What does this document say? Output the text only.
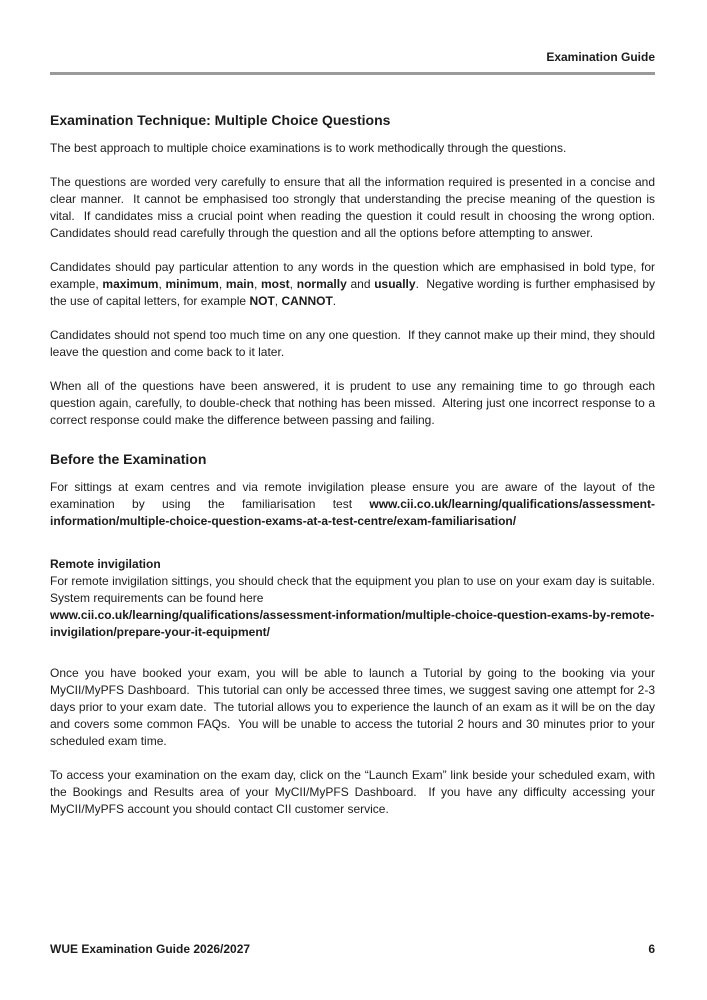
Examination Guide
Examination Technique: Multiple Choice Questions

The best approach to multiple choice examinations is to work methodically through the questions.

The questions are worded very carefully to ensure that all the information required is presented in a concise and clear manner.  It cannot be emphasised too strongly that understanding the precise meaning of the question is vital.  If candidates miss a crucial point when reading the question it could result in choosing the wrong option.  Candidates should read carefully through the question and all the options before attempting to answer.

Candidates should pay particular attention to any words in the question which are emphasised in bold type, for example, maximum, minimum, main, most, normally and usually.  Negative wording is further emphasised by the use of capital letters, for example NOT, CANNOT.

Candidates should not spend too much time on any one question.  If they cannot make up their mind, they should leave the question and come back to it later.

When all of the questions have been answered, it is prudent to use any remaining time to go through each question again, carefully, to double-check that nothing has been missed.  Altering just one incorrect response to a correct response could make the difference between passing and failing.

Before the Examination

For sittings at exam centres and via remote invigilation please ensure you are aware of the layout of the examination by using the familiarisation test www.cii.co.uk/learning/qualifications/assessment-information/multiple-choice-question-exams-at-a-test-centre/exam-familiarisation/

Remote invigilation

For remote invigilation sittings, you should check that the equipment you plan to use on your exam day is suitable.  System requirements can be found here
www.cii.co.uk/learning/qualifications/assessment-information/multiple-choice-question-exams-by-remote-invigilation/prepare-your-it-equipment/

Once you have booked your exam, you will be able to launch a Tutorial by going to the booking via your MyCII/MyPFS Dashboard.  This tutorial can only be accessed three times, we suggest saving one attempt for 2-3 days prior to your exam date.  The tutorial allows you to experience the launch of an exam as it will be on the day and covers some common FAQs.  You will be unable to access the tutorial 2 hours and 30 minutes prior to your scheduled exam time.

To access your examination on the exam day, click on the “Launch Exam” link beside your scheduled exam, with the Bookings and Results area of your MyCII/MyPFS Dashboard.  If you have any difficulty accessing your MyCII/MyPFS account you should contact CII customer service.

WUE Examination Guide 2026/2027	6
